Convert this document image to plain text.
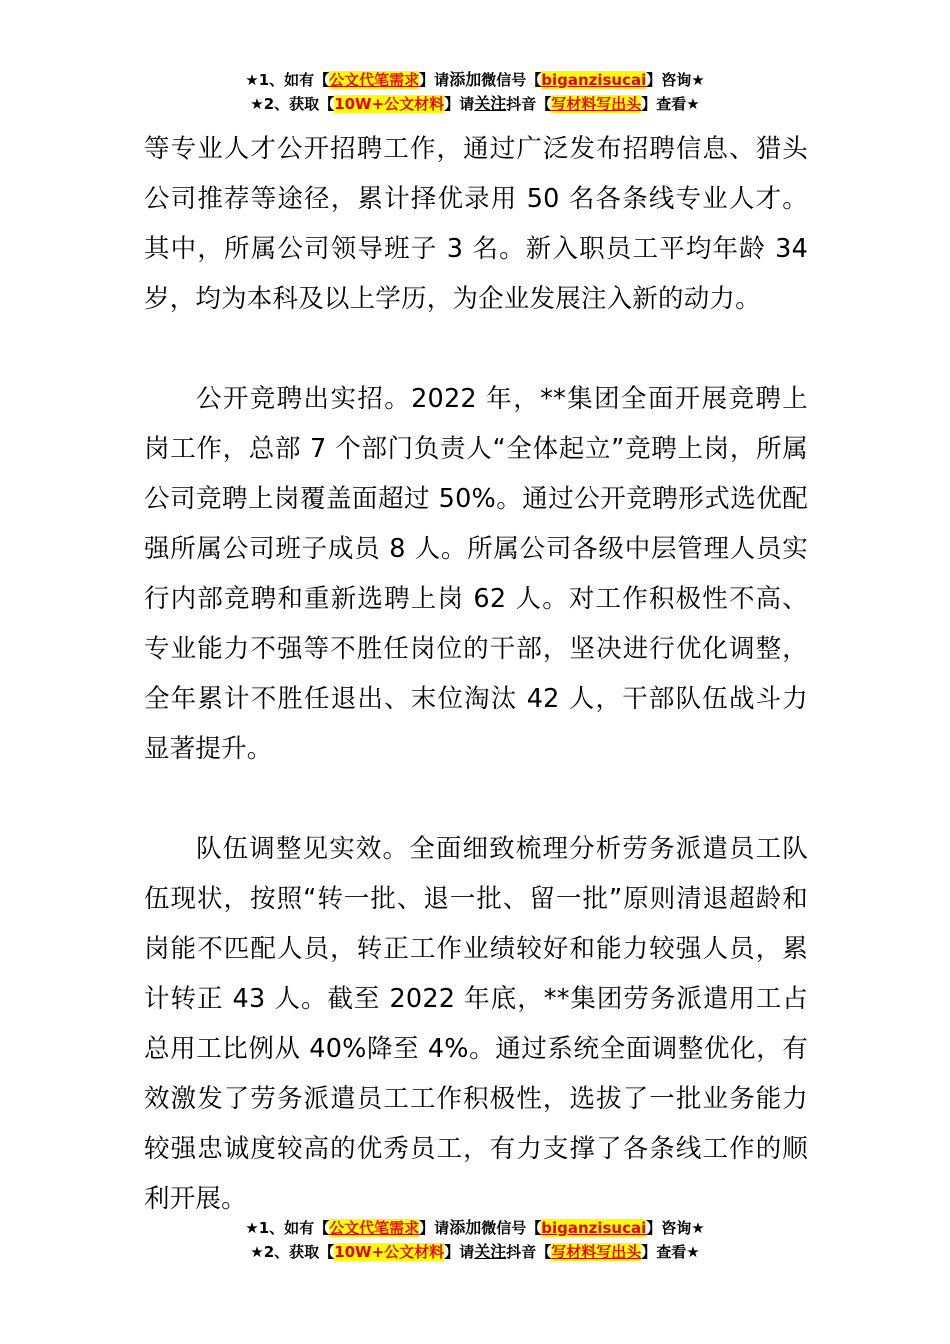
★1、如有【公文代笔需求】请添加微信号【biganzisucai】咨询★
★2、获取【10W+公文材料】请关注抖音【写材料写出头】查看★

等专业人才公开招聘工作，通过广泛发布招聘信息、猎头公司推荐等途径，累计择优录用 50 名各条线专业人才。其中，所属公司领导班子 3 名。新入职员工平均年龄 34 岁，均为本科及以上学历，为企业发展注入新的动力。

公开竞聘出实招。2022 年，**集团全面开展竞聘上岗工作，总部 7 个部门负责人“全体起立”竞聘上岗，所属公司竞聘上岗覆盖面超过 50%。通过公开竞聘形式选优配强所属公司班子成员 8 人。所属公司各级中层管理人员实行内部竞聘和重新选聘上岗 62 人。对工作积极性不高、专业能力不强等不胜任岗位的干部，坚决进行优化调整，全年累计不胜任退出、末位淘汰 42 人，干部队伍战斗力显著提升。

队伍调整见实效。全面细致梳理分析劳务派遣员工队伍现状，按照“转一批、退一批、留一批”原则清退超龄和岗能不匹配人员，转正工作业绩较好和能力较强人员，累计转正 43 人。截至 2022 年底，**集团劳务派遣用工占总用工比例从 40%降至 4%。通过系统全面调整优化，有效激发了劳务派遣员工工作积极性，选拔了一批业务能力较强忠诚度较高的优秀员工，有力支撑了各条线工作的顺利开展。

★1、如有【公文代笔需求】请添加微信号【biganzisucai】咨询★
★2、获取【10W+公文材料】请关注抖音【写材料写出头】查看★
